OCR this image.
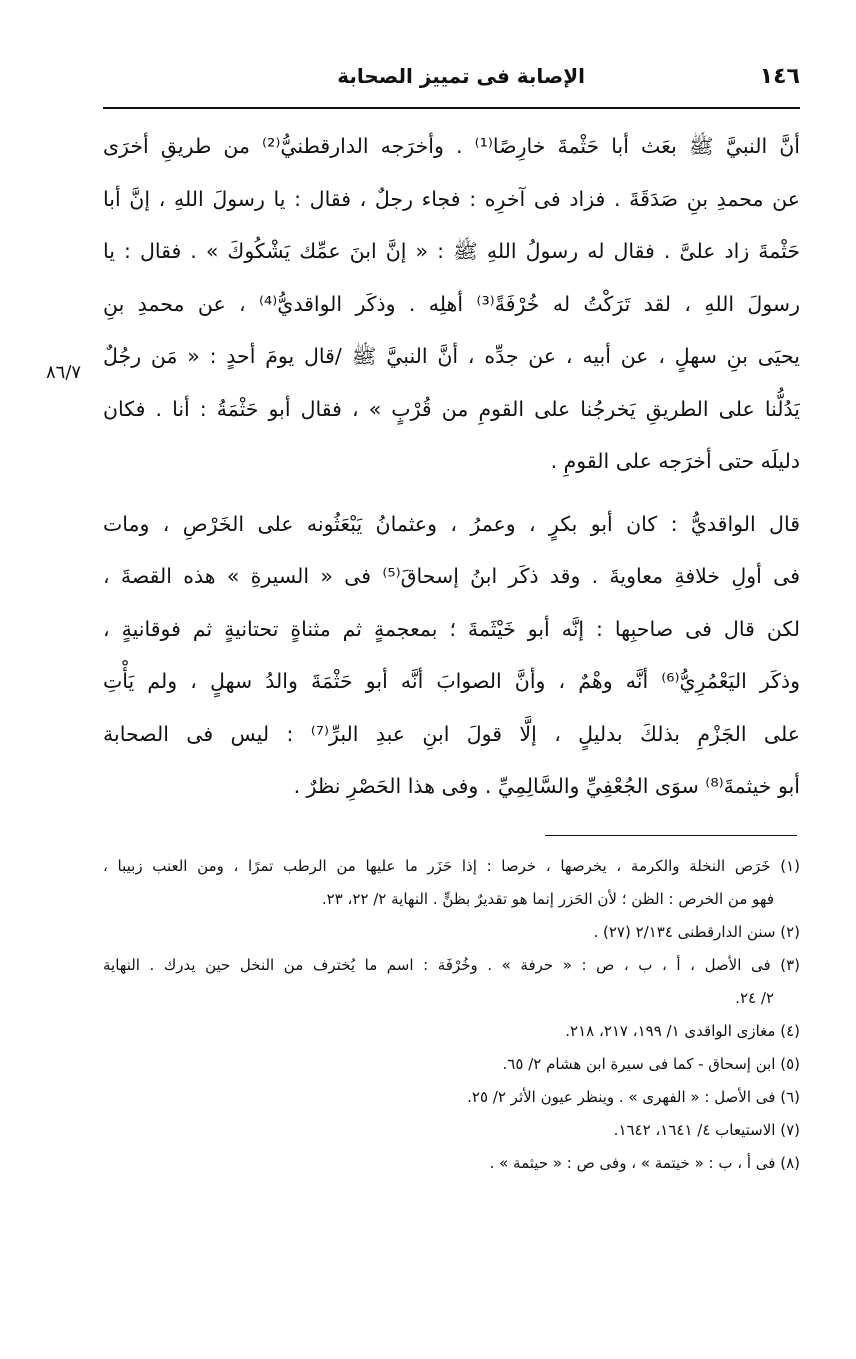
١٤٦
الإصابة فى تمييز الصحابة
٨٦/٧
أنَّ النبيَّ ﷺ بعَث أبا حَثْمةَ خارِصًا⁽¹⁾ . وأخرَجه الدارقطنيُّ⁽²⁾ من طريقِ أخرَى
عن محمدِ بنِ صَدَقَةَ . فزاد فى آخرِه : فجاء رجلٌ ، فقال : يا رسولَ اللهِ ، إنَّ أبا
حَثْمةَ زاد علىَّ . فقال له رسولُ اللهِ ﷺ : « إنَّ ابنَ عمِّك يَشْكُوكَ » . فقال : يا
رسولَ اللهِ ، لقد تَرَكْتُ له خُرْفَةً⁽³⁾ أهلِه . وذكَر الواقديُّ⁽⁴⁾ ، عن محمدِ بنِ
يحيَى بنِ سهلٍ ، عن أبيه ، عن جدِّه ، أنَّ النبيَّ ﷺ /قال يومَ أحدٍ : « مَن رجُلٌ
يَدُلُّنا على الطريقِ يَخرجُنا على القومِ من قُرْبٍ » ، فقال أبو حَثْمَةُ : أنا . فكان
دليلَه حتى أخرَجه على القومِ .
قال الواقديُّ : كان أبو بكرٍ ، وعمرُ ، وعثمانُ يَبْعَثُونه على الخَرْصِ ، ومات
فى أولِ خلافةِ معاويةَ . وقد ذكَر ابنُ إسحاقَ⁽⁵⁾ فى « السيرةِ » هذه القصةَ ،
لكن قال فى صاحبِها : إنَّه أبو خَيْثَمةَ ؛ بمعجمةٍ ثم مثناةٍ تحتانيةٍ ثم فوقانيةٍ ،
وذكَر اليَعْمُرِيُّ⁽⁶⁾ أنَّه وهْمٌ ، وأنَّ الصوابَ أنَّه أبو حَثْمَةَ والدُ سهلٍ ، ولم يَأْتِ
على الجَزْمِ بذلكَ بدليلٍ ، إلَّا قولَ ابنِ عبدِ البرِّ⁽⁷⁾ : ليس فى الصحابة
أبو خيثمةَ⁽⁸⁾ سوَى الجُعْفِيِّ والسَّالِمِيِّ . وفى هذا الحَصْرِ نظرٌ .
(١) خَرَص النخلة والكرمة ، يخرصها ، خرصا : إذا حَزَر ما عليها من الرطب تمرًا ، ومن العنب زبيبا ،
فهو من الخرص : الظن ؛ لأن الحَزر إنما هو تقديرٌ بظنٍّ . النهاية ٢/ ٢٢، ٢٣.
(٢) سنن الدارقطنى ٢/١٣٤ (٢٧) .
(٣) فى الأصل ، أ ، ب ، ص : « حرفة » . وخُرْفَة : اسم ما يُخترف من النخل حين يدرك . النهاية
٢/ ٢٤.
(٤) مغازى الواقدى ١/ ١٩٩، ٢١٧، ٢١٨.
(٥) ابن إسحاق - كما فى سيرة ابن هشام ٢/ ٦٥.
(٦) فى الأصل : « الفهرى » . وينظر عيون الأثر ٢/ ٢٥.
(٧) الاستيعاب ٤/ ١٦٤١، ١٦٤٢.
(٨) فى أ ، ب : « خيتمة » ، وفى ص : « حيثمة » .
